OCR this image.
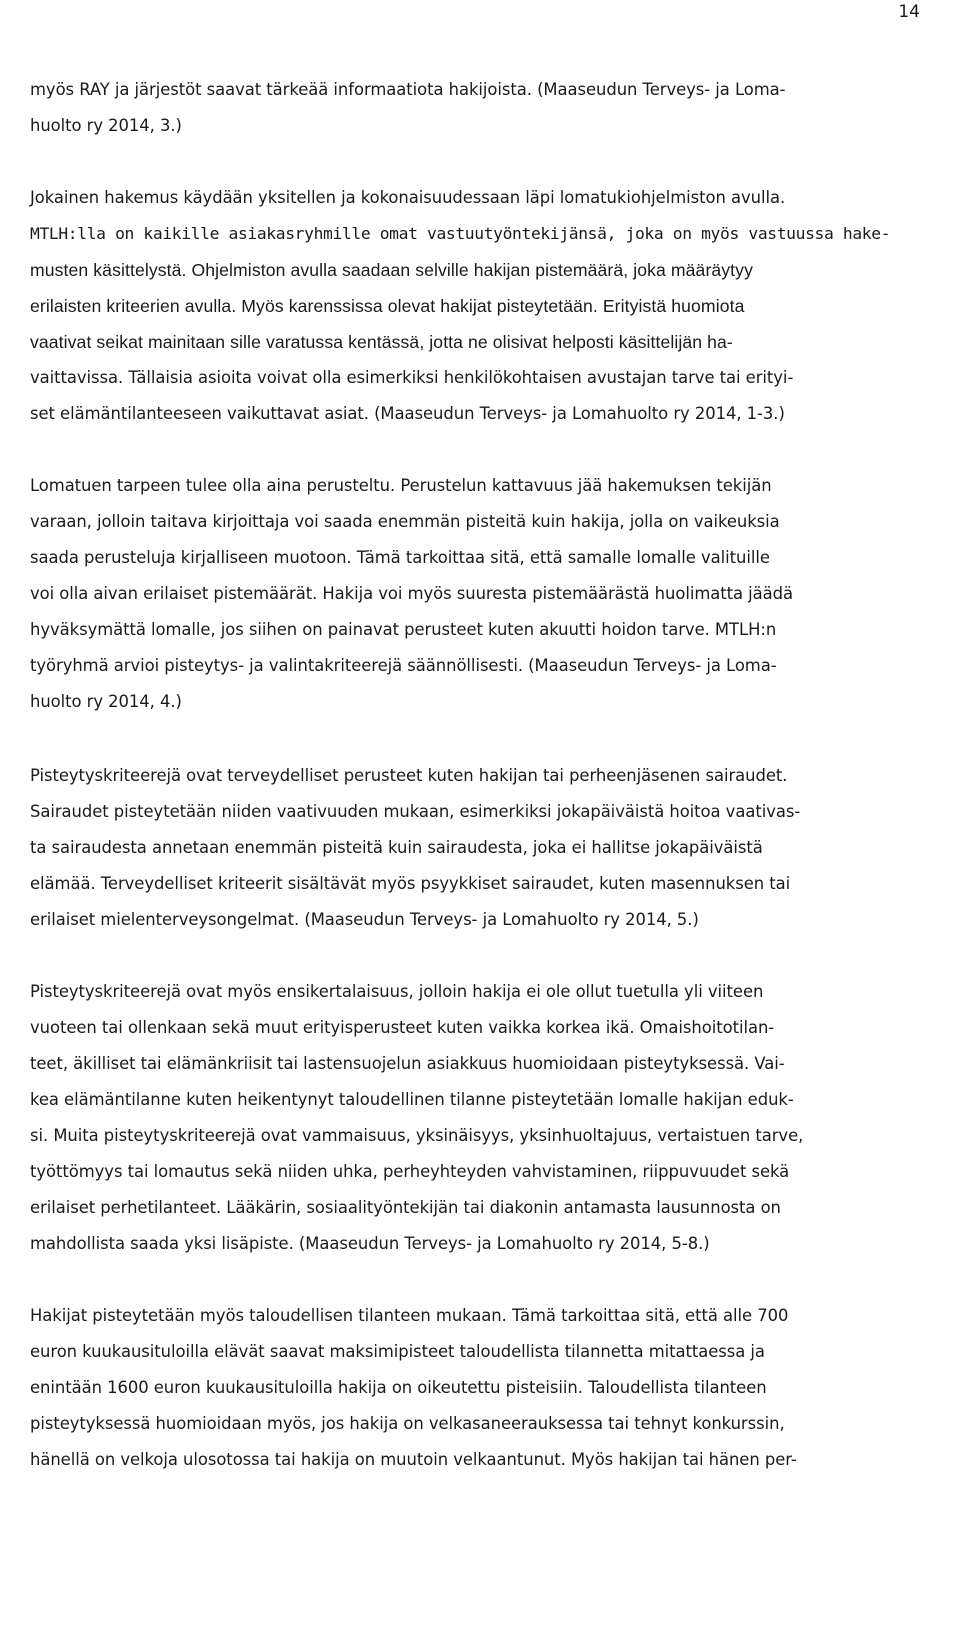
14

myös RAY ja järjestöt saavat tärkeää informaatiota hakijoista. (Maaseudun Terveys- ja Loma-

huolto ry 2014, 3.)

Jokainen hakemus käydään yksitellen ja kokonaisuudessaan läpi lomatukiohjelmiston avulla.

MTLH:lla on kaikille asiakasryhmille omat vastuutyöntekijänsä, joka on myös vastuussa hake-

musten käsittelystä. Ohjelmiston avulla saadaan selville hakijan pistemäärä, joka määräytyy

erilaisten kriteerien avulla. Myös karenssissa olevat hakijat pisteytetään. Erityistä huomiota

vaativat seikat mainitaan sille varatussa kentässä, jotta ne olisivat helposti käsittelijän ha-

vaittavissa. Tällaisia asioita voivat olla esimerkiksi henkilökohtaisen avustajan tarve tai erityi-

set elämäntilanteeseen vaikuttavat asiat. (Maaseudun Terveys- ja Lomahuolto ry 2014, 1-3.)

Lomatuen tarpeen tulee olla aina perusteltu. Perustelun kattavuus jää hakemuksen tekijän

varaan, jolloin taitava kirjoittaja voi saada enemmän pisteitä kuin hakija, jolla on vaikeuksia

saada perusteluja kirjalliseen muotoon. Tämä tarkoittaa sitä, että samalle lomalle valituille

voi olla aivan erilaiset pistemäärät. Hakija voi myös suuresta pistemäärästä huolimatta jäädä

hyväksymättä lomalle, jos siihen on painavat perusteet kuten akuutti hoidon tarve. MTLH:n

työryhmä arvioi pisteytys- ja valintakriteerejä säännöllisesti. (Maaseudun Terveys- ja Loma-

huolto ry 2014, 4.)

Pisteytyskriteerejä ovat terveydelliset perusteet kuten hakijan tai perheenjäsenen sairaudet.

Sairaudet pisteytetään niiden vaativuuden mukaan, esimerkiksi jokapäiväistä hoitoa vaativas-

ta sairaudesta annetaan enemmän pisteitä kuin sairaudesta, joka ei hallitse jokapäiväistä

elämää. Terveydelliset kriteerit sisältävät myös psyykkiset sairaudet, kuten masennuksen tai

erilaiset mielenterveysongelmat. (Maaseudun Terveys- ja Lomahuolto ry 2014, 5.)

Pisteytyskriteerejä ovat myös ensikertalaisuus, jolloin hakija ei ole ollut tuetulla yli viiteen

vuoteen tai ollenkaan sekä muut erityisperusteet kuten vaikka korkea ikä. Omaishoitotilan-

teet, äkilliset tai elämänkriisit tai lastensuojelun asiakkuus huomioidaan pisteytyksessä. Vai-

kea elämäntilanne kuten heikentynyt taloudellinen tilanne pisteytetään lomalle hakijan eduk-

si. Muita pisteytyskriteerejä ovat vammaisuus, yksinäisyys, yksinhuoltajuus, vertaistuen tarve,

työttömyys tai lomautus sekä niiden uhka, perheyhteyden vahvistaminen, riippuvuudet sekä

erilaiset perhetilanteet. Lääkärin, sosiaalityöntekijän tai diakonin antamasta lausunnosta on

mahdollista saada yksi lisäpiste. (Maaseudun Terveys- ja Lomahuolto ry 2014, 5-8.)

Hakijat pisteytetään myös taloudellisen tilanteen mukaan. Tämä tarkoittaa sitä, että alle 700

euron kuukausituloilla elävät saavat maksimipisteet taloudellista tilannetta mitattaessa ja

enintään 1600 euron kuukausituloilla hakija on oikeutettu pisteisiin. Taloudellista tilanteen

pisteytyksessä huomioidaan myös, jos hakija on velkasaneerauksessa tai tehnyt konkurssin,

hänellä on velkoja ulosotossa tai hakija on muutoin velkaantunut. Myös hakijan tai hänen per-
